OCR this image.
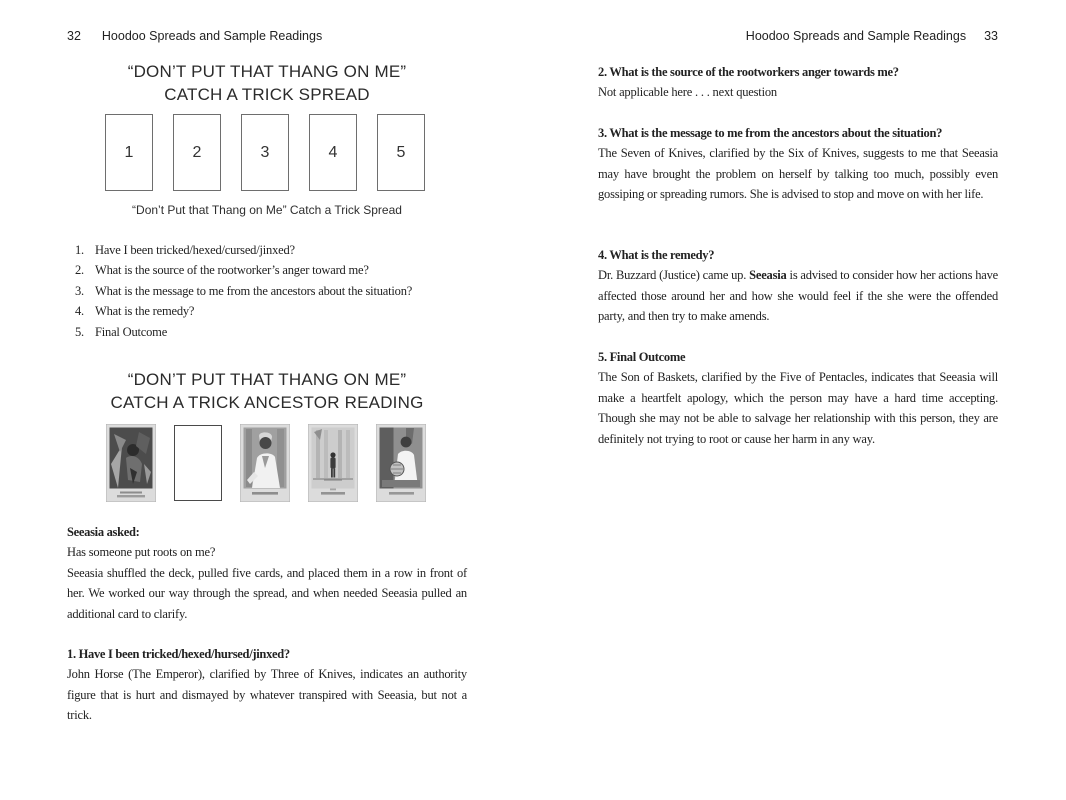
32 Hoodoo Spreads and Sample Readings
“DON’T PUT THAT THANG ON ME”
CATCH A TRICK SPREAD
1	2	3	4	5
“Don’t Put that Thang on Me” Catch a Trick Spread
1. Have I been tricked/hexed/cursed/jinxed?
2. What is the source of the rootworker’s anger toward me?
3. What is the message to me from the ancestors about the situation?
4. What is the remedy?
5. Final Outcome
“DON’T PUT THAT THANG ON ME”
CATCH A TRICK ANCESTOR READING
Seeasia asked:
Has someone put roots on me?
Seeasia shuffled the deck, pulled five cards, and placed them in a row in front of her. We worked our way through the spread, and when needed Seeasia pulled an additional card to clarify.
1. Have I been tricked/hexed/hursed/jinxed?
John Horse (The Emperor), clarified by Three of Knives, indicates an authority figure that is hurt and dismayed by whatever transpired with Seeasia, but not a trick.
Hoodoo Spreads and Sample Readings 33
2. What is the source of the rootworkers anger towards me?
Not applicable here . . . next question
3. What is the message to me from the ancestors about the situation?
The Seven of Knives, clarified by the Six of Knives, suggests to me that Seeasia may have brought the problem on herself by talking too much, possibly even gossiping or spreading rumors. She is advised to stop and move on with her life.
4. What is the remedy?
Dr. Buzzard (Justice) came up. Seeasia is advised to consider how her actions have affected those around her and how she would feel if the she were the offended party, and then try to make amends.
5. Final Outcome
The Son of Baskets, clarified by the Five of Pentacles, indicates that Seeasia will make a heartfelt apology, which the person may have a hard time accepting. Though she may not be able to salvage her relationship with this person, they are definitely not trying to root or cause her harm in any way.
